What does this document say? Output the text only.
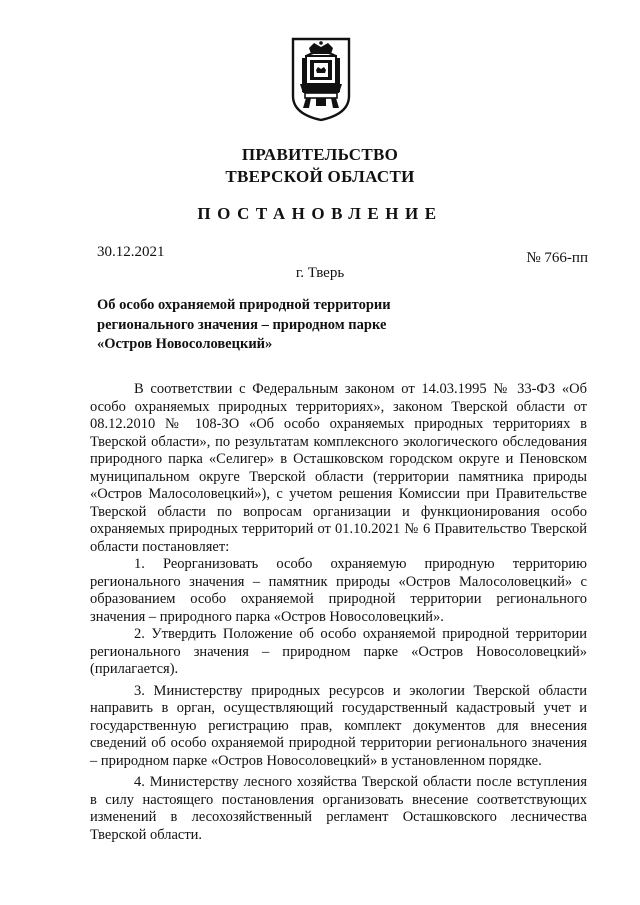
ПРАВИТЕЛЬСТВО
ТВЕРСКОЙ ОБЛАСТИ
ПОСТАНОВЛЕНИЕ
30.12.2021	№ 766-пп
г. Тверь
Об особо охраняемой природной территории
регионального значения – природном парке
«Остров Новосоловецкий»

В соответствии с Федеральным законом от 14.03.1995 № 33-ФЗ «Об особо охраняемых природных территориях», законом Тверской области от 08.12.2010 № 108-ЗО «Об особо охраняемых природных территориях в Тверской области», по результатам комплексного экологического обследования природного парка «Селигер» в Осташковском городском округе и Пеновском муниципальном округе Тверской области (территории памятника природы «Остров Малосоловецкий»), с учетом решения Комиссии при Правительстве Тверской области по вопросам организации и функционирования особо охраняемых природных территорий от 01.10.2021 № 6 Правительство Тверской области постановляет:

1. Реорганизовать особо охраняемую природную территорию регионального значения – памятник природы «Остров Малосоловецкий» с образованием особо охраняемой природной территории регионального значения – природного парка «Остров Новосоловецкий».

2. Утвердить Положение об особо охраняемой природной территории регионального значения – природном парке «Остров Новосоловецкий» (прилагается).

3. Министерству природных ресурсов и экологии Тверской области направить в орган, осуществляющий государственный кадастровый учет и государственную регистрацию прав, комплект документов для внесения сведений об особо охраняемой природной территории регионального значения – природном парке «Остров Новосоловецкий» в установленном порядке.

4. Министерству лесного хозяйства Тверской области после вступления в силу настоящего постановления организовать внесение соответствующих изменений в лесохозяйственный регламент Осташковского лесничества Тверской области.
